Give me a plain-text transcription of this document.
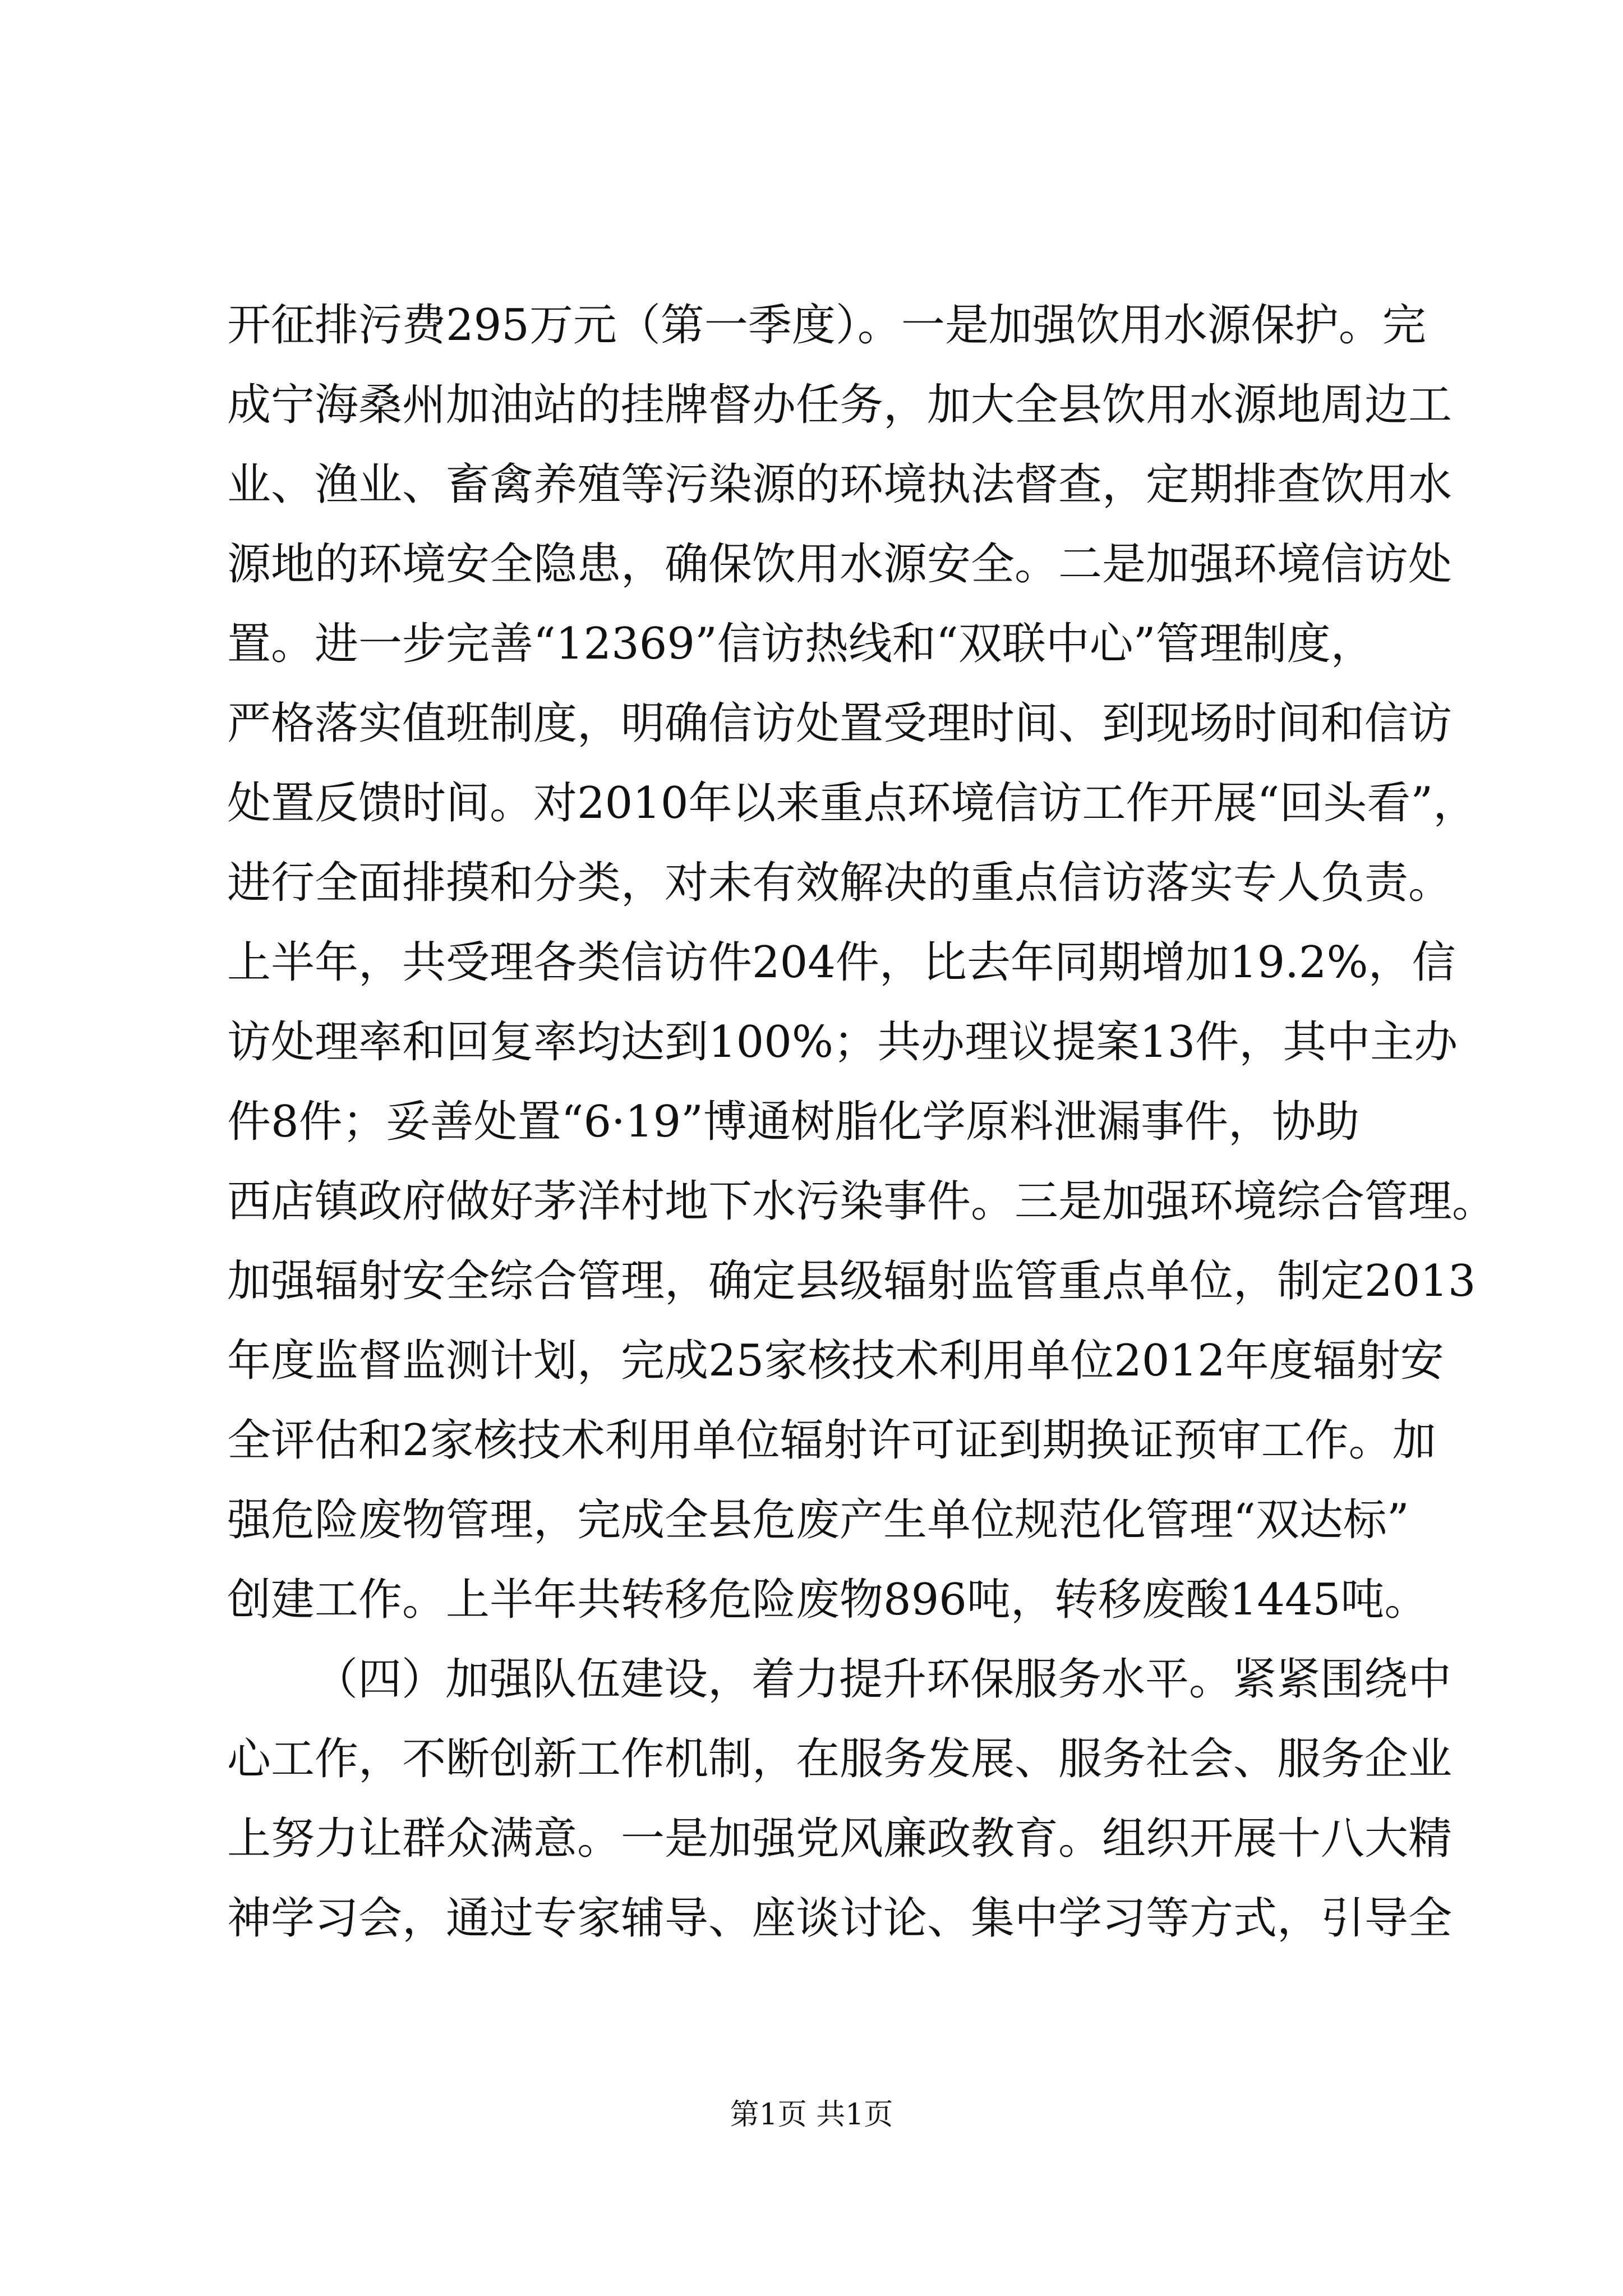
开征排污费295万元（第一季度）。一是加强饮用水源保护。完
成宁海桑州加油站的挂牌督办任务，加大全县饮用水源地周边工
业、渔业、畜禽养殖等污染源的环境执法督查，定期排查饮用水
源地的环境安全隐患，确保饮用水源安全。二是加强环境信访处
置。进一步完善“12369”信访热线和“双联中心”管理制度，
严格落实值班制度，明确信访处置受理时间、到现场时间和信访
处置反馈时间。对2010年以来重点环境信访工作开展“回头看”，
进行全面排摸和分类，对未有效解决的重点信访落实专人负责。
上半年，共受理各类信访件204件，比去年同期增加19.2%，信
访处理率和回复率均达到100%；共办理议提案13件，其中主办
件8件；妥善处置“6·19”博通树脂化学原料泄漏事件，协助
西店镇政府做好茅洋村地下水污染事件。三是加强环境综合管理。
加强辐射安全综合管理，确定县级辐射监管重点单位，制定2013
年度监督监测计划，完成25家核技术利用单位2012年度辐射安
全评估和2家核技术利用单位辐射许可证到期换证预审工作。加
强危险废物管理，完成全县危废产生单位规范化管理“双达标”
创建工作。上半年共转移危险废物896吨，转移废酸1445吨。
（四）加强队伍建设，着力提升环保服务水平。紧紧围绕中
心工作，不断创新工作机制，在服务发展、服务社会、服务企业
上努力让群众满意。一是加强党风廉政教育。组织开展十八大精
神学习会，通过专家辅导、座谈讨论、集中学习等方式，引导全
第1页 共1页
